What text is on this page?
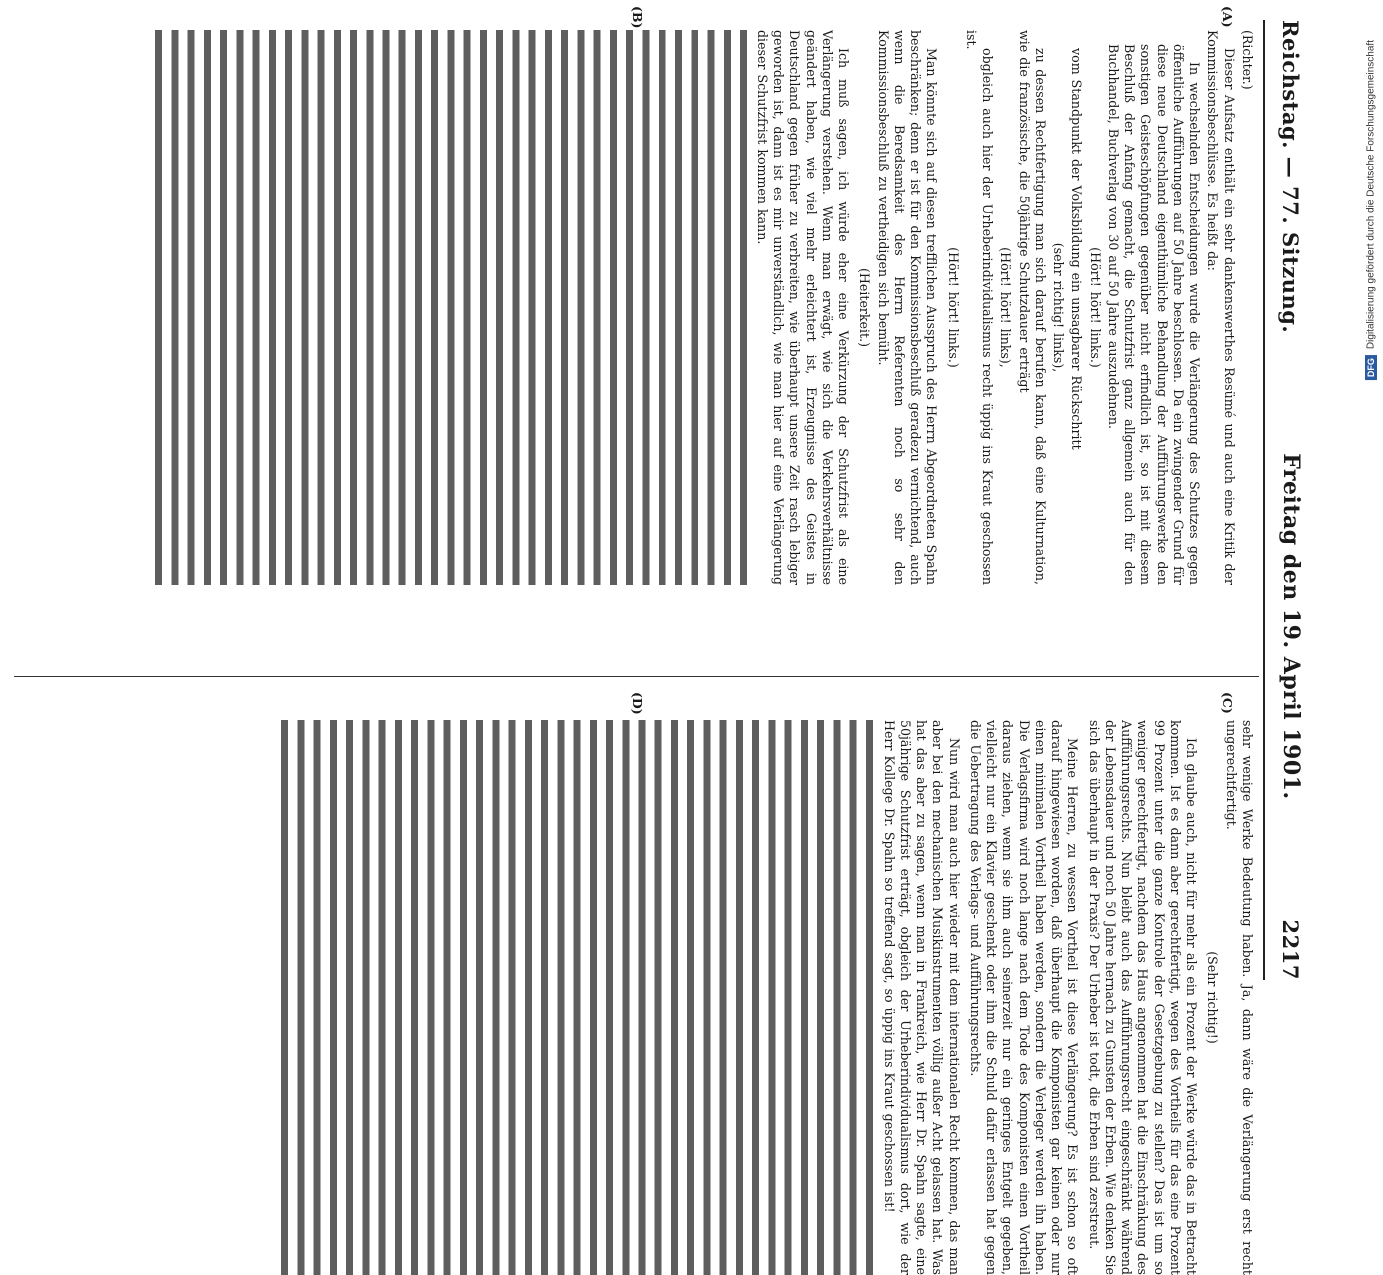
Reichstag. — 77. Sitzung.
Freitag den 19. April 1901.
2217
(A)
(B)
(C)
(D)

(Richter.)

Dieser Aufsatz enthält ein sehr dankenswerthes Resümé und auch eine Kritik der Kommissionsbeschlüsse. Es heißt da:

In wechselnden Entscheidungen wurde die Verlängerung des Schutzes gegen öffentliche Aufführungen auf 50 Jahre beschlossen. Da ein zwingender Grund für diese neue Deutschland eigenthümliche Behandlung der Aufführungswerke den sonstigen Geisteschöpfungen gegenüber nicht erfindlich ist, so ist mit diesem Beschluß der Anfang gemacht, die Schutzfrist ganz allgemein auch für den Buchhandel, Buchverlag von 30 auf 50 Jahre auszudehnen.

(Hört! hört! links.)

vom Standpunkt der Volksbildung ein unsagbarer Rückschritt

(sehr richtig! links),

zu dessen Rechtfertigung man sich darauf berufen kann, daß eine Kulturnation, wie die französische, die 50jährige Schutzdauer erträgt

(Hört! hört! links),

obgleich auch hier der Urheberindividualismus recht üppig ins Kraut geschossen ist.

(Hört! hört! links.)

Man könnte sich auf diesen trefflichen Ausspruch des Herrn Abgeordneten Spahn beschränken; denn er ist für den Kommissionsbeschluß geradezu vernichtend, auch wenn die Beredsamkeit des Herrn Referenten noch so sehr den Kommissionsbeschluß zu vertheidigen sich bemüht.

(Heiterkeit.)

Ich muß sagen, ich würde eher eine Verkürzung der Schutzfrist als eine Verlängerung verstehen. Wenn man erwägt, wie sich die Verkehrsverhältnisse geändert haben, wie viel mehr erleichtert ist, Erzeugnisse des Geistes in Deutschland gegen früher zu verbreiten, wie überhaupt unsere Zeit rasch lebiger geworden ist, dann ist es mir unverständlich, wie man hier auf eine Verlängerung dieser Schutzfrist kommen kann.

sehr wenige Werke Bedeutung haben. Ja, dann wäre die Verlängerung erst recht ungerechtfertigt.

(Sehr richtig!)

Ich glaube auch, nicht für mehr als ein Prozent der Werke würde das in Betracht kommen. Ist es dann aber gerechtfertigt, wegen des Vortheils für das eine Prozent 99 Prozent unter die ganze Kontrole der Gesetzgebung zu stellen? Das ist um so weniger gerechtfertigt, nachdem das Haus angenommen hat die Einschränkung des Aufführungsrechts. Nun bleibt auch das Aufführungsrecht eingeschränkt während der Lebensdauer und noch 50 Jahre hernach zu Gunsten der Erben. Wie denken Sie sich das überhaupt in der Praxis? Der Urheber ist todt, die Erben sind zerstreut.

Meine Herren, zu wessen Vortheil ist diese Verlängerung? Es ist schon so oft darauf hingewiesen worden, daß überhaupt die Komponisten gar keinen oder nur einen minimalen Vortheil haben werden, sondern die Verleger werden ihn haben. Die Verlagsfirma wird noch lange nach dem Tode des Komponisten einen Vortheil daraus ziehen, wenn sie ihm auch seinerzeit nur ein geringes Entgelt gegeben, vielleicht nur ein Klavier geschenkt oder ihm die Schuld dafür erlassen hat gegen die Uebertragung des Verlags- und Aufführungsrechts.

Nun wird man auch hier wieder mit dem internationalen Recht kommen, das man aber bei den mechanischen Musikinstrumenten völlig außer Acht gelassen hat. Was hat das aber zu sagen, wenn man in Frankreich, wie Herr Dr. Spahn sagte, eine 50jährige Schutzfrist erträgt, obgleich der Urheberindividualismus dort, wie der Herr Kollege Dr. Spahn so treffend sagt, so üppig ins Kraut geschossen ist!

DFG
Digitalisierung gefördert durch die Deutsche Forschungsgemeinschaft
